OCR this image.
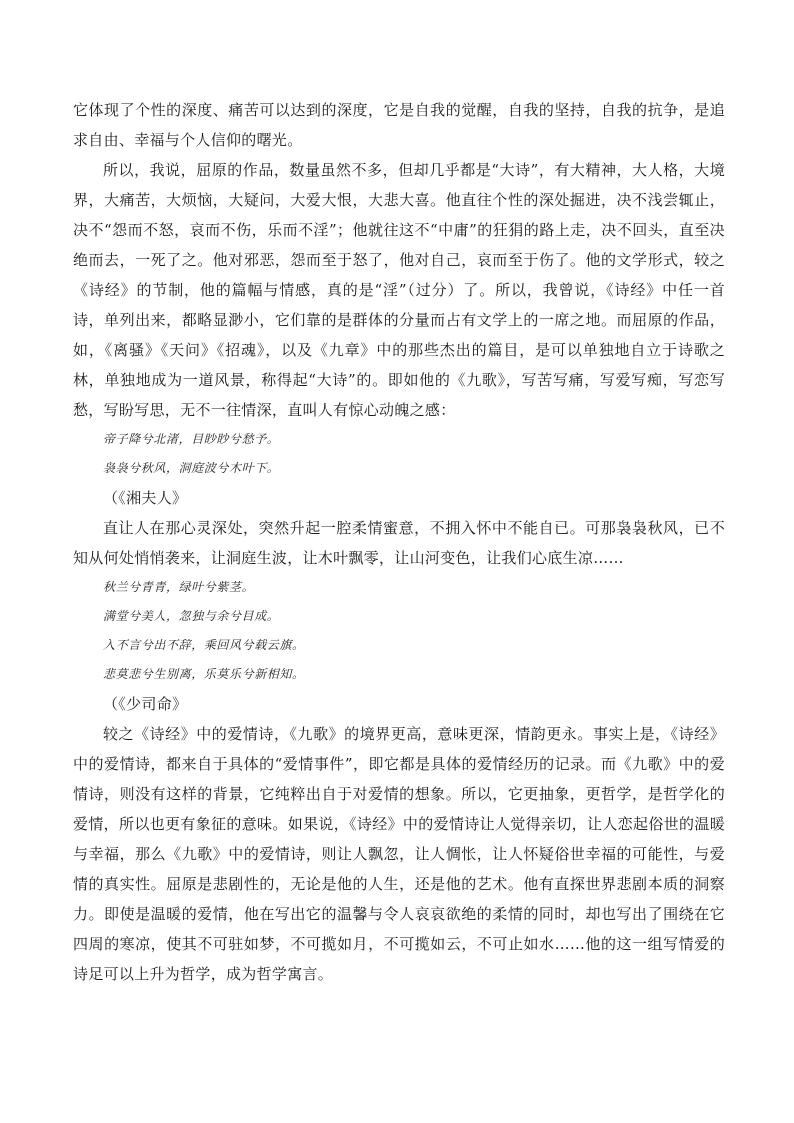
它体现了个性的深度、痛苦可以达到的深度，它是自我的觉醒，自我的坚持，自我的抗争，是追求自由、幸福与个人信仰的曙光。

所以，我说，屈原的作品，数量虽然不多，但却几乎都是“大诗”，有大精神，大人格，大境界，大痛苦，大烦恼，大疑问，大爱大恨，大悲大喜。他直往个性的深处掘进，决不浅尝辄止，决不“怨而不怒，哀而不伤，乐而不淫”；他就往这不“中庸”的狂狷的路上走，决不回头，直至决绝而去，一死了之。他对邪恶，怨而至于怒了，他对自己，哀而至于伤了。他的文学形式，较之《诗经》的节制，他的篇幅与情感，真的是“淫”（过分）了。所以，我曾说，《诗经》中任一首诗，单列出来，都略显渺小，它们靠的是群体的分量而占有文学上的一席之地。而屈原的作品，如，《离骚》《天问》《招魂》，以及《九章》中的那些杰出的篇目，是可以单独地自立于诗歌之林，单独地成为一道风景，称得起“大诗”的。即如他的《九歌》，写苦写痛，写爱写痴，写恋写愁，写盼写思，无不一往情深，直叫人有惊心动魄之感：

帝子降兮北渚，目眇眇兮愁予。

袅袅兮秋风，洞庭波兮木叶下。

（《湘夫人》

直让人在那心灵深处，突然升起一腔柔情蜜意，不拥入怀中不能自已。可那袅袅秋风，已不知从何处悄悄袭来，让洞庭生波，让木叶飘零，让山河变色，让我们心底生凉……

秋兰兮青青，绿叶兮紫茎。

满堂兮美人，忽独与余兮目成。

入不言兮出不辞，乘回风兮载云旗。

悲莫悲兮生别离，乐莫乐兮新相知。

（《少司命》

较之《诗经》中的爱情诗，《九歌》的境界更高，意味更深，情韵更永。事实上是，《诗经》中的爱情诗，都来自于具体的“爱情事件”，即它都是具体的爱情经历的记录。而《九歌》中的爱情诗，则没有这样的背景，它纯粹出自于对爱情的想象。所以，它更抽象，更哲学，是哲学化的爱情，所以也更有象征的意味。如果说，《诗经》中的爱情诗让人觉得亲切，让人恋起俗世的温暖与幸福，那么《九歌》中的爱情诗，则让人飘忽，让人惆怅，让人怀疑俗世幸福的可能性，与爱情的真实性。屈原是悲剧性的，无论是他的人生，还是他的艺术。他有直探世界悲剧本质的洞察力。即使是温暖的爱情，他在写出它的温馨与令人哀哀欲绝的柔情的同时，却也写出了围绕在它四周的寒凉，使其不可驻如梦，不可揽如月，不可揽如云，不可止如水……他的这一组写情爱的诗足可以上升为哲学，成为哲学寓言。
